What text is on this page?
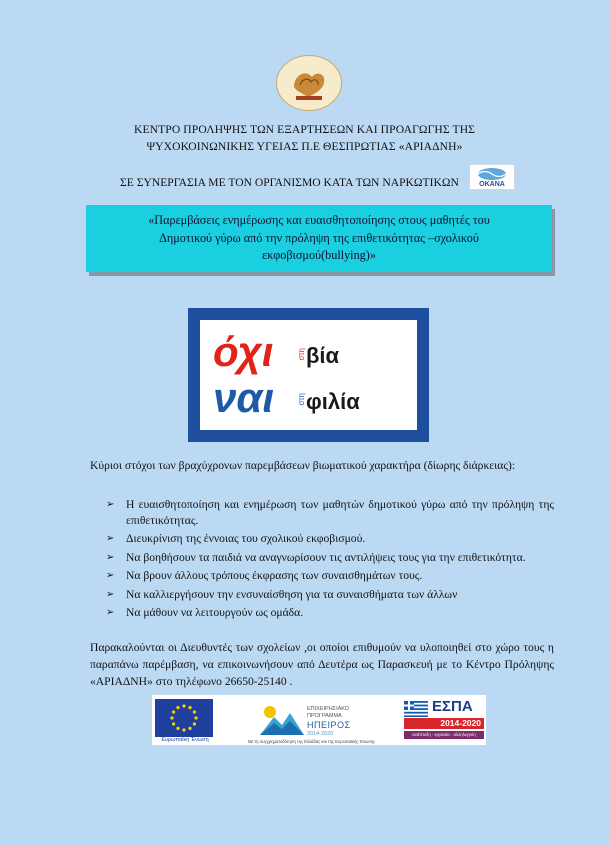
ΚΕΝΤΡΟ ΠΡΟΛΗΨΗΣ ΤΩΝ ΕΞΑΡΤΗΣΕΩΝ ΚΑΙ ΠΡΟΑΓΩΓΗΣ ΤΗΣ
ΨΥΧΟΚΟΙΝΩΝΙΚΗΣ ΥΓΕΙΑΣ Π.Ε ΘΕΣΠΡΩΤΙΑΣ «ΑΡΙΑΔΝΗ»
ΣΕ ΣΥΝΕΡΓΑΣΙΑ ΜΕ ΤΟΝ ΟΡΓΑΝΙΣΜΟ ΚΑΤΑ ΤΩΝ ΝΑΡΚΩΤΙΚΩΝ	ΟΚΑΝΑ
«Παρεμβάσεις ενημέρωσης και ευαισθητοποίησης στους μαθητές του
Δημοτικού γύρω από την πρόληψη της επιθετικότητας –σχολικού
εκφοβισμού(bullying)»
όχι	στη βία
ναι	στη φιλία
Κύριοι στόχοι των βραχύχρονων παρεμβάσεων βιωματικού χαρακτήρα (δίωρης διάρκειας):
➢ Η ευαισθητοποίηση και ενημέρωση των μαθητών δημοτικού γύρω από την πρόληψη της επιθετικότητας.
➢ Διευκρίνιση της έννοιας του σχολικού εκφοβισμού.
➢ Να βοηθήσουν τα παιδιά να αναγνωρίσουν τις αντιλήψεις τους για την επιθετικότητα.
➢ Να βρουν άλλους τρόπους έκφρασης των συναισθημάτων τους.
➢ Να καλλιεργήσουν την ενσυναίσθηση για τα συναισθήματα των άλλων
➢ Να μάθουν να λειτουργούν ως ομάδα.
Παρακαλούνται οι Διευθυντές των σχολείων ,οι οποίοι επιθυμούν να υλοποιηθεί στο χώρο τους η παραπάνω παρέμβαση, να επικοινωνήσουν από Δευτέρα ως Παρασκευή με το Κέντρο Πρόληψης «ΑΡΙΑΔΝΗ» στο τηλέφωνο 26650-25140 .
Ευρωπαϊκή Ένωση
ΕΠΙΧΕΙΡΗΣΙΑΚΟ
ΠΡΟΓΡΑΜΜΑ
ΗΠΕΙΡΟΣ
2014-2020
Με τη συγχρηματοδότηση της Ελλάδας και της Ευρωπαϊκής Ένωσης
ΕΣΠΑ
2014-2020
ανάπτυξη - εργασία - αλληλεγγύη
